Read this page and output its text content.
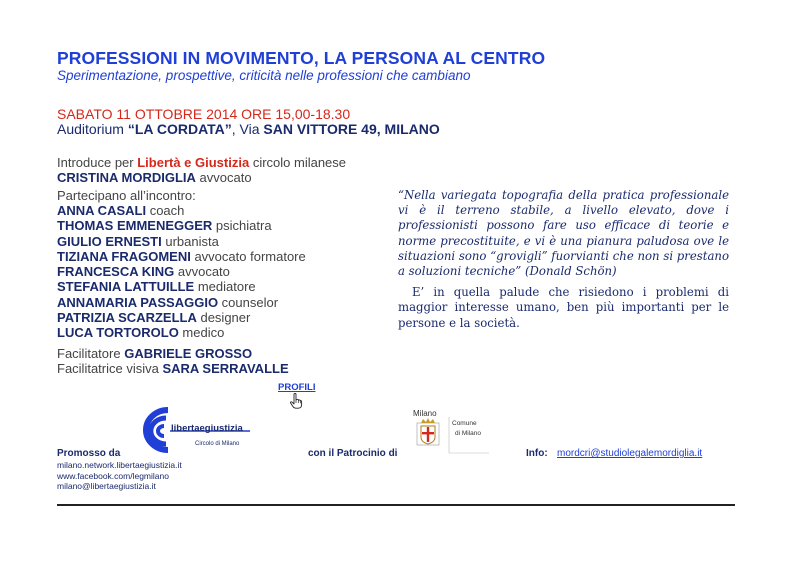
PROFESSIONI IN MOVIMENTO, LA PERSONA AL CENTRO
Sperimentazione, prospettive, criticità nelle professioni che cambiano
SABATO 11 OTTOBRE 2014 ORE 15,00-18.30
Auditorium “LA CORDATA”, Via SAN VITTORE 49, MILANO
Introduce per Libertà e Giustizia circolo milanese
CRISTINA MORDIGLIA avvocato
Partecipano all’incontro:
ANNA CASALI coach
THOMAS EMMENEGGER psichiatra
GIULIO ERNESTI urbanista
TIZIANA FRAGOMENI avvocato formatore
FRANCESCA KING avvocato
STEFANIA LATTUILLE mediatore
ANNAMARIA PASSAGGIO counselor
PATRIZIA SCARZELLA designer
LUCA TORTOROLO medico
Facilitatore GABRIELE GROSSO
Facilitatrice visiva SARA SERRAVALLE
PROFILI
“Nella variegata topografia della pratica professionale vi è il terreno stabile, a livello elevato, dove i professionisti possono fare uso efficace di teorie e norme precostituite, e vi è una pianura paludosa ove le situazioni sono “grovigli” fuorvianti che non si prestano a soluzioni tecniche” (Donald Schön)
E’ in quella palude che risiedono i problemi di maggior interesse umano, ben più importanti per le persone e la società.
libertaegiustizia
Circolo di Milano
Promosso da
milano.network.libertaegiustizia.it
www.facebook.com/legmilano
milano@libertaegiustizia.it
con il Patrocinio di
Milano
Comune
di Milano
Info: mordcri@studiolegalemordiglia.it
